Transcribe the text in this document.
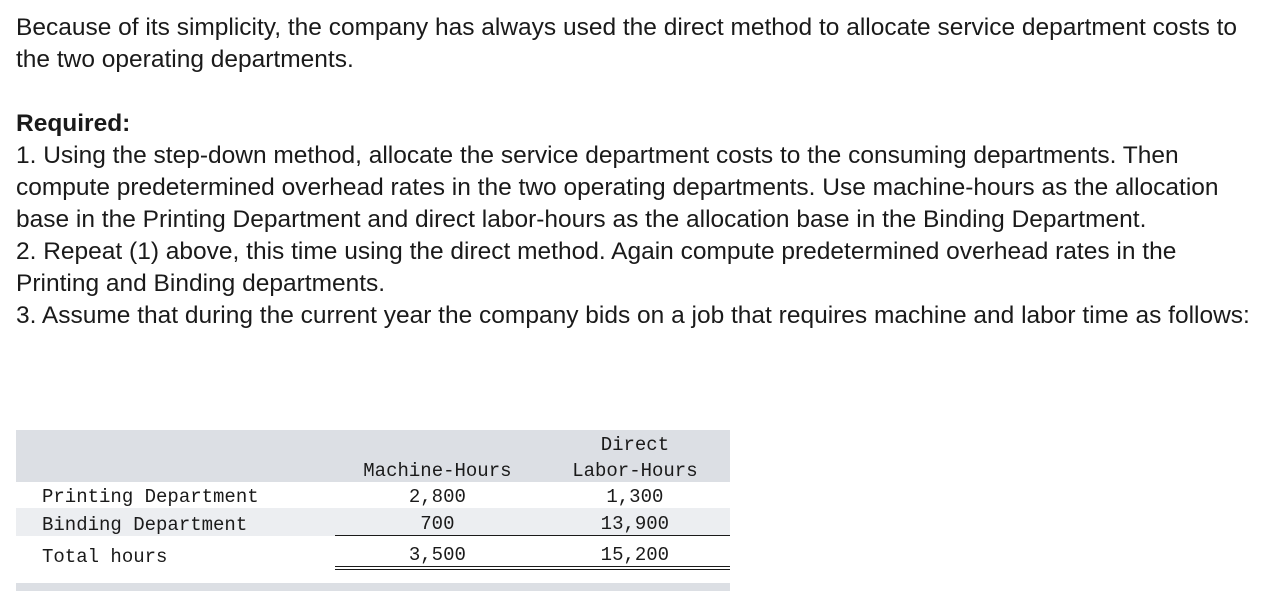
Because of its simplicity, the company has always used the direct method to allocate service department costs to the two operating departments.

Required:

1. Using the step-down method, allocate the service department costs to the consuming departments. Then compute predetermined overhead rates in the two operating departments. Use machine-hours as the allocation base in the Printing Department and direct labor-hours as the allocation base in the Binding Department.

2. Repeat (1) above, this time using the direct method. Again compute predetermined overhead rates in the Printing and Binding departments.

3. Assume that during the current year the company bids on a job that requires machine and labor time as follows:

		Direct
	Machine-Hours	Labor-Hours
Printing Department	2,800	1,300
Binding Department	700	13,900
Total hours	3,500	15,200
